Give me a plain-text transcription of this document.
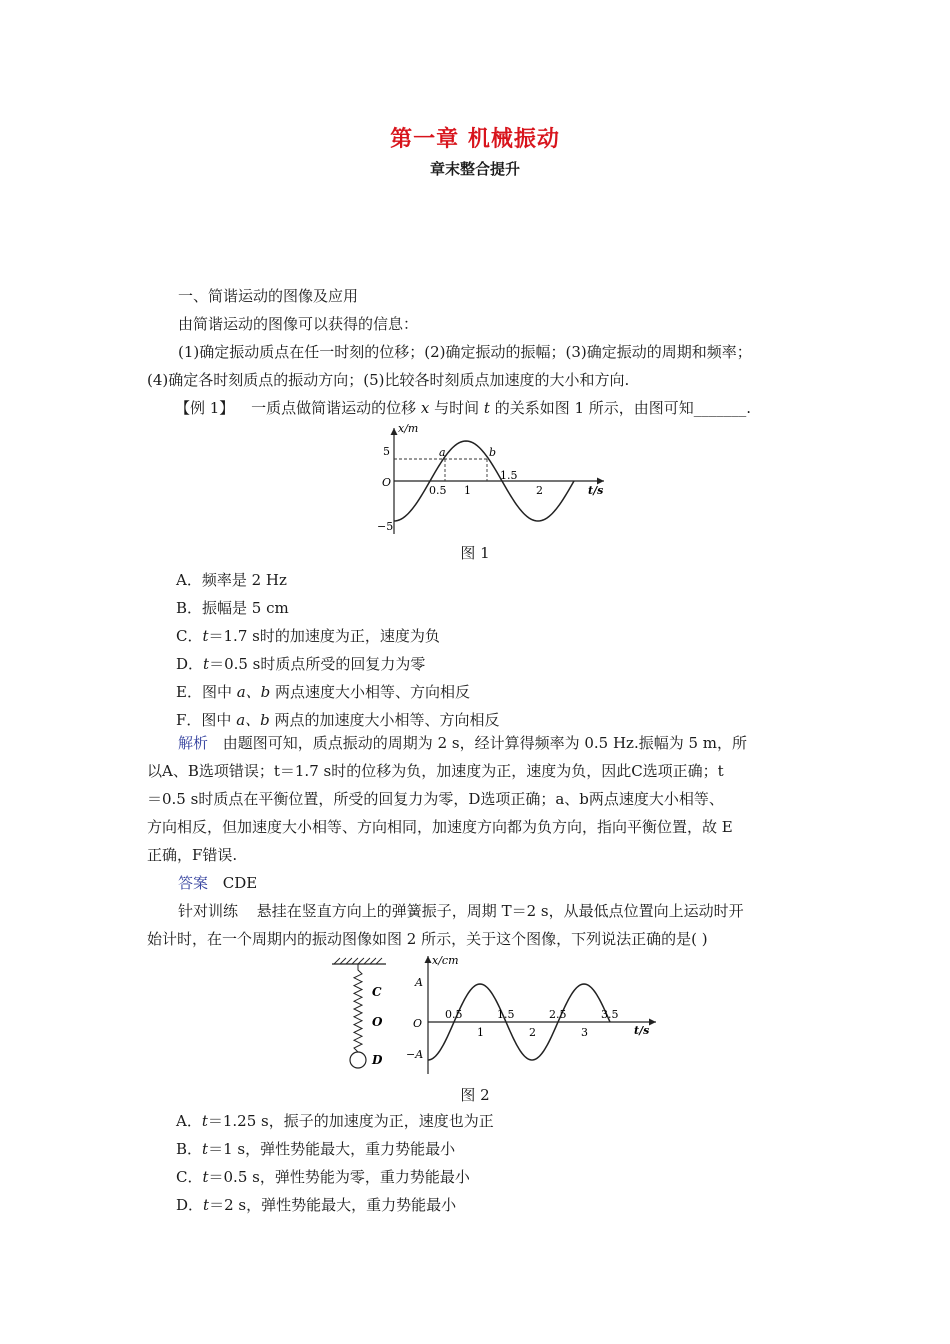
第一章 机械振动
章末整合提升
一、简谐运动的图像及应用
由简谐运动的图像可以获得的信息：
(1)确定振动质点在任一时刻的位移；(2)确定振动的振幅；(3)确定振动的周期和频率；
(4)确定各时刻质点的振动方向；(5)比较各时刻质点加速度的大小和方向.
【例 1】 一质点做简谐运动的位移 x 与时间 t 的关系如图 1 所示，由图可知_______.
x/m
t/s
O
5
−5
0.5 1
1.5
2
a	b
图 1
A．频率是 2 Hz
B．振幅是 5 cm
C．t＝1.7 s时的加速度为正，速度为负
D．t＝0.5 s时质点所受的回复力为零
E．图中 a、b 两点速度大小相等、方向相反
F．图中 a、b 两点的加速度大小相等、方向相反
解析 由题图可知，质点振动的周期为 2 s，经计算得频率为 0.5 Hz.振幅为 5 m，所
以A、B选项错误；t＝1.7 s时的位移为负，加速度为正，速度为负，因此C选项正确；t
＝0.5 s时质点在平衡位置，所受的回复力为零，D选项正确；a、b两点速度大小相等、
方向相反，但加速度大小相等、方向相同，加速度方向都为负方向，指向平衡位置，故 E
正确，F错误.
答案 CDE
针对训练 悬挂在竖直方向上的弹簧振子，周期 T＝2 s，从最低点位置向上运动时开
始计时，在一个周期内的振动图像如图 2 所示，关于这个图像，下列说法正确的是( )
C
O
D
x/cm
t/s
O
A
−A
0.5
1
1.5
2
2.5
3
3.5
图 2
A．t＝1.25 s，振子的加速度为正，速度也为正
B．t＝1 s，弹性势能最大，重力势能最小
C．t＝0.5 s，弹性势能为零，重力势能最小
D．t＝2 s，弹性势能最大，重力势能最小
